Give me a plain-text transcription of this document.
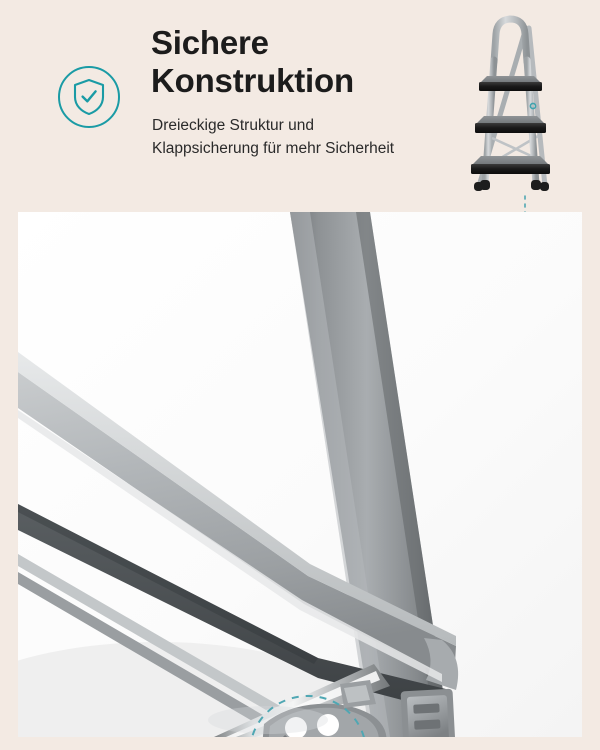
Sichere
Konstruktion
Dreieckige Struktur und Klappsicherung für mehr Sicherheit
